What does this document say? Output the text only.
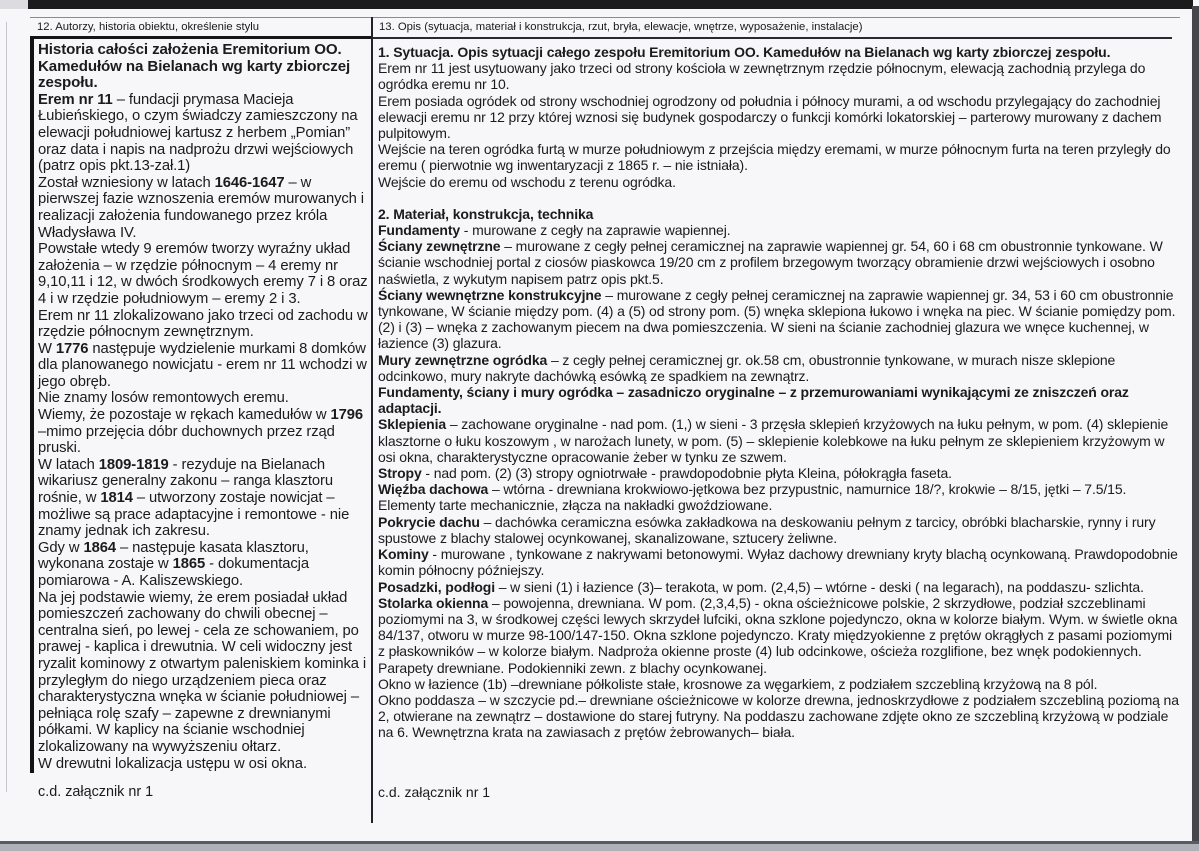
12. Autorzy, historia obiektu, określenie stylu	13. Opis (sytuacja, materiał i konstrukcja, rzut, bryła, elewacje, wnętrze, wyposażenie, instalacje)

Historia całości założenia Eremitorium OO. Kamedułów na Bielanach wg karty zbiorczej zespołu.

Erem nr 11 – fundacji prymasa Macieja Łubieńskiego, o czym świadczy zamieszczony na elewacji południowej kartusz z herbem „Pomian” oraz data i napis na nadprożu drzwi wejściowych (patrz opis pkt.13-zał.1)

Został wzniesiony w latach 1646-1647 – w pierwszej fazie wznoszenia eremów murowanych i realizacji założenia fundowanego przez króla Władysława IV.

Powstałe wtedy 9 eremów tworzy wyraźny układ założenia – w rzędzie północnym – 4 eremy nr 9,10,11 i 12, w dwóch środkowych eremy 7 i 8 oraz 4 i w rzędzie południowym – eremy 2 i 3.

Erem nr 11 zlokalizowano jako trzeci od zachodu w rzędzie północnym zewnętrznym.

W 1776 następuje wydzielenie murkami 8 domków dla planowanego nowicjatu - erem nr 11 wchodzi w jego obręb.

Nie znamy losów remontowych eremu.

Wiemy, że pozostaje w rękach kamedułów w 1796 –mimo przejęcia dóbr duchownych przez rząd pruski.

W latach 1809-1819 - rezyduje na Bielanach wikariusz generalny zakonu – ranga klasztoru rośnie, w 1814 – utworzony zostaje nowicjat – możliwe są prace adaptacyjne i remontowe - nie znamy jednak ich zakresu.

Gdy w 1864 – następuje kasata klasztoru, wykonana zostaje w 1865 - dokumentacja pomiarowa - A. Kaliszewskiego.

Na jej podstawie wiemy, że erem posiadał układ pomieszczeń zachowany do chwili obecnej – centralna sień, po lewej - cela ze schowaniem, po prawej - kaplica i drewutnia. W celi widoczny jest ryzalit kominowy z otwartym paleniskiem kominka i przyległym do niego urządzeniem pieca oraz charakterystyczna wnęka w ścianie południowej – pełniąca rolę szafy – zapewne z drewnianymi półkami. W kaplicy na ścianie wschodniej zlokalizowany na wywyższeniu ołtarz.

W drewutni lokalizacja ustępu w osi okna.

c.d. załącznik nr 1

1. Sytuacja. Opis sytuacji całego zespołu Eremitorium OO. Kamedułów na Bielanach wg karty zbiorczej zespołu.

Erem nr 11 jest usytuowany jako trzeci od strony kościoła w zewnętrznym rzędzie północnym, elewacją zachodnią przylega do ogródka eremu nr 10.

Erem posiada ogródek od strony wschodniej ogrodzony od południa i północy murami, a od wschodu przylegający do zachodniej elewacji eremu nr 12 przy której wznosi się budynek gospodarczy o funkcji komórki lokatorskiej – parterowy murowany z dachem pulpitowym.

Wejście na teren ogródka furtą w murze południowym z przejścia między eremami, w murze północnym furta na teren przyległy do eremu ( pierwotnie wg inwentaryzacji z 1865 r. – nie istniała).

Wejście do eremu od wschodu z terenu ogródka.

2. Materiał, konstrukcja, technika

Fundamenty - murowane z cegły na zaprawie wapiennej.

Ściany zewnętrzne – murowane z cegły pełnej ceramicznej na zaprawie wapiennej gr. 54, 60 i 68 cm obustronnie tynkowane. W ścianie wschodniej portal z ciosów piaskowca 19/20 cm z profilem brzegowym tworzący obramienie drzwi wejściowych i osobno naświetla, z wykutym napisem patrz opis pkt.5.

Ściany wewnętrzne konstrukcyjne – murowane z cegły pełnej ceramicznej na zaprawie wapiennej gr. 34, 53 i 60 cm obustronnie tynkowane, W ścianie między pom. (4) a (5) od strony pom. (5) wnęka sklepiona łukowo i wnęka na piec. W ścianie pomiędzy pom. (2) i (3) – wnęka z zachowanym piecem na dwa pomieszczenia. W sieni na ścianie zachodniej glazura we wnęce kuchennej, w łazience (3) glazura.

Mury zewnętrzne ogródka – z cegły pełnej ceramicznej gr. ok.58 cm, obustronnie tynkowane, w murach nisze sklepione odcinkowo, mury nakryte dachówką esówką ze spadkiem na zewnątrz.

Fundamenty, ściany i mury ogródka – zasadniczo oryginalne – z przemurowaniami wynikającymi ze zniszczeń oraz adaptacji.

Sklepienia – zachowane oryginalne - nad pom. (1,) w sieni - 3 przęsła sklepień krzyżowych na łuku pełnym, w pom. (4) sklepienie klasztorne o łuku koszowym , w narożach lunety, w pom. (5) – sklepienie kolebkowe na łuku pełnym ze sklepieniem krzyżowym w osi okna, charakterystyczne opracowanie żeber w tynku ze szwem.

Stropy - nad pom. (2) (3) stropy ogniotrwałe - prawdopodobnie płyta Kleina, półokrągła faseta.

Więźba dachowa – wtórna - drewniana krokwiowo-jętkowa bez przypustnic, namurnice 18/?, krokwie – 8/15, jętki – 7.5/15. Elementy tarte mechanicznie, złącza na nakładki gwoździowane.

Pokrycie dachu – dachówka ceramiczna esówka zakładkowa na deskowaniu pełnym z tarcicy, obróbki blacharskie, rynny i rury spustowe z blachy stalowej ocynkowanej, skanalizowane, sztucery żeliwne.

Kominy - murowane , tynkowane z nakrywami betonowymi. Wyłaz dachowy drewniany kryty blachą ocynkowaną. Prawdopodobnie komin północny późniejszy.

Posadzki, podłogi – w sieni (1) i łazience (3)– terakota, w pom. (2,4,5) – wtórne - deski ( na legarach), na poddaszu- szlichta.

Stolarka okienna – powojenna, drewniana. W pom. (2,3,4,5) - okna ościeżnicowe polskie, 2 skrzydłowe, podział szczeblinami poziomymi na 3, w środkowej części lewych skrzydeł lufciki, okna szklone pojedynczo, okna w kolorze białym. Wym. w świetle okna 84/137, otworu w murze 98-100/147-150. Okna szklone pojedynczo. Kraty międzyokienne z prętów okrągłych z pasami poziomymi z płaskowników – w kolorze białym. Nadproża okienne proste (4) lub odcinkowe, ościeża rozglifione, bez wnęk podokiennych. Parapety drewniane. Podokienniki zewn. z blachy ocynkowanej.

Okno w łazience (1b) –drewniane półkoliste stałe, krosnowe za węgarkiem, z podziałem szczebliną krzyżową na 8 pól.

Okno poddasza – w szczycie pd.– drewniane ościeżnicowe w kolorze drewna, jednoskrzydłowe z podziałem szczebliną poziomą na 2, otwierane na zewnątrz – dostawione do starej futryny. Na poddaszu zachowane zdjęte okno ze szczebliną krzyżową w podziale na 6. Wewnętrzna krata na zawiasach z prętów żebrowanych– biała.

c.d. załącznik nr 1
